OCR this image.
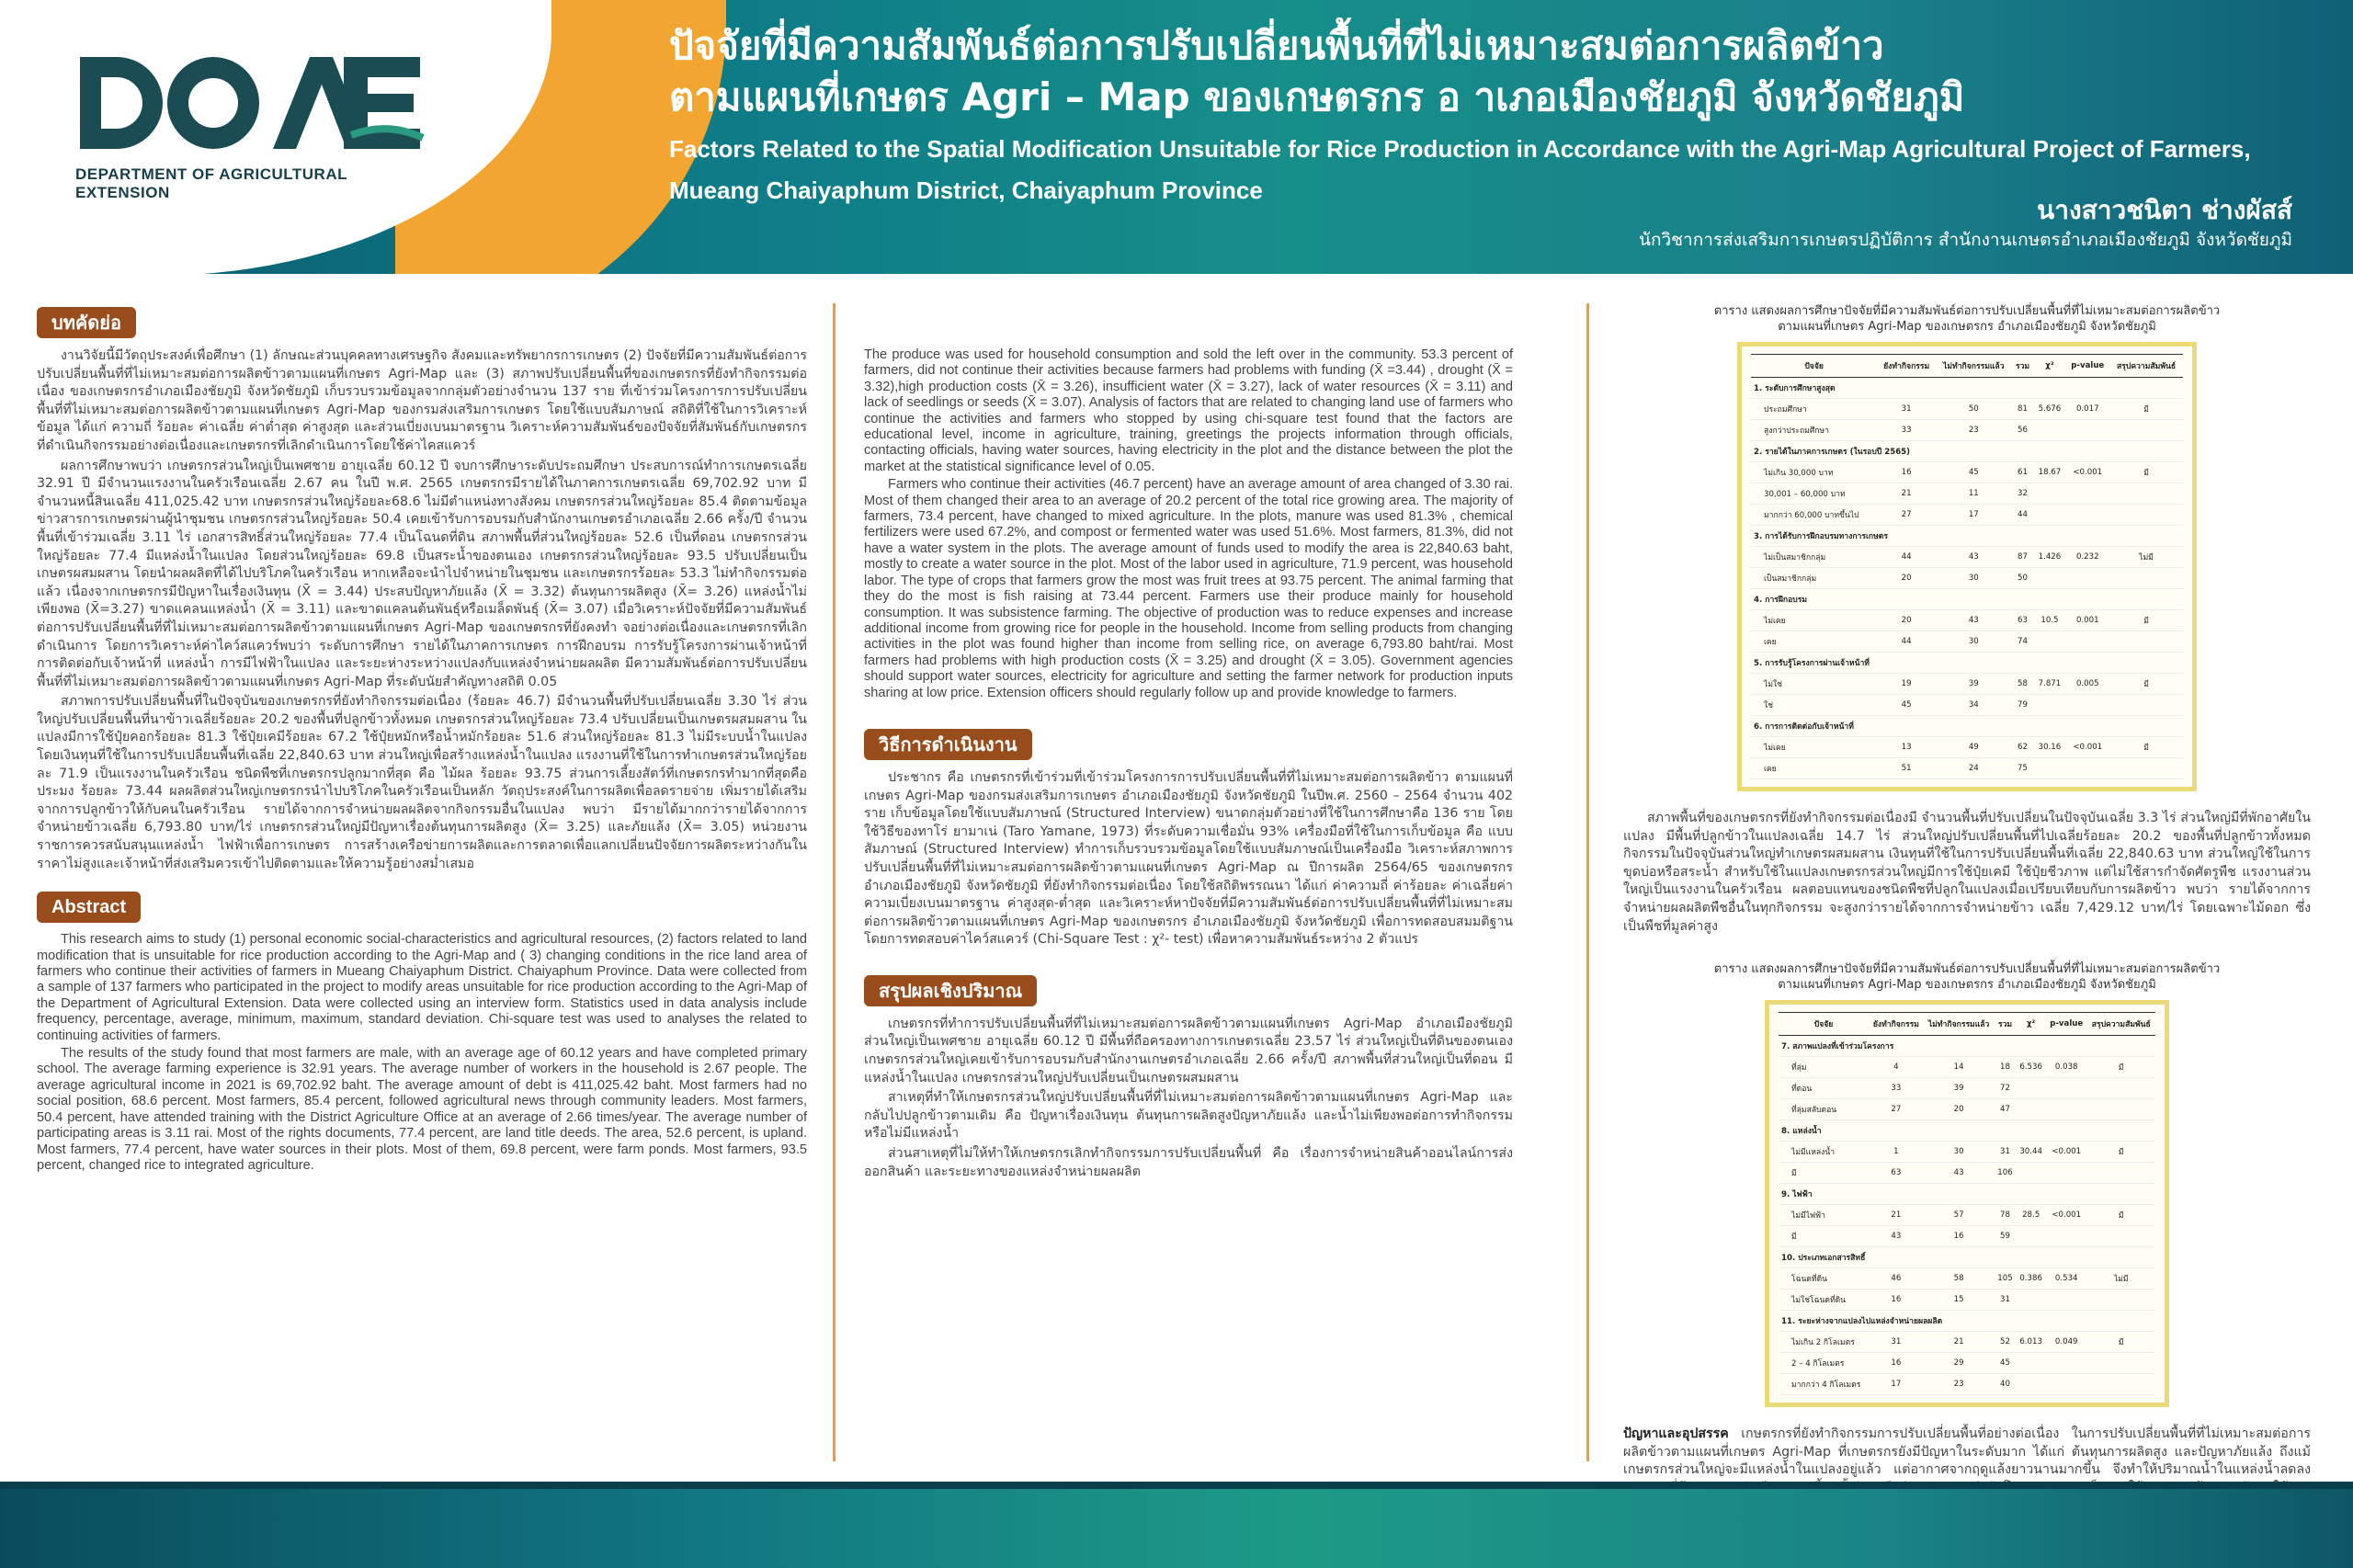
DEPARTMENT OF AGRICULTURAL EXTENSION
ปัจจัยที่มีความสัมพันธ์ต่อการปรับเปลี่ยนพื้นที่ที่ไม่เหมาะสมต่อการผลิตข้าว
ตามแผนที่เกษตร Agri – Map ของเกษตรกร อ าเภอเมืองชัยภูมิ จังหวัดชัยภูมิ
Factors Related to the Spatial Modification Unsuitable for Rice Production in Accordance with the Agri-Map Agricultural Project of Farmers,
Mueang Chaiyaphum District, Chaiyaphum Province
นางสาวชนิตา ช่างผัสส์
นักวิชาการส่งเสริมการเกษตรปฏิบัติการ สำนักงานเกษตรอำเภอเมืองชัยภูมิ จังหวัดชัยภูมิ
บทคัดย่อ

งานวิจัยนี้มีวัตถุประสงค์เพื่อศึกษา (1) ลักษณะส่วนบุคคลทางเศรษฐกิจ สังคมและทรัพยากรการเกษตร (2) ปัจจัยที่มีความสัมพันธ์ต่อการปรับเปลี่ยนพื้นที่ที่ไม่เหมาะสมต่อการผลิตข้าวตามแผนที่เกษตร Agri-Map และ (3) สภาพปรับเปลี่ยนพื้นที่ของเกษตรกรที่ยังทำกิจกรรมต่อเนื่อง ของเกษตรกรอำเภอเมืองชัยภูมิ จังหวัดชัยภูมิ เก็บรวบรวมข้อมูลจากกลุ่มตัวอย่างจำนวน 137 ราย ที่เข้าร่วมโครงการการปรับเปลี่ยนพื้นที่ที่ไม่เหมาะสมต่อการผลิตข้าวตามแผนที่เกษตร Agri-Map ของกรมส่งเสริมการเกษตร โดยใช้แบบสัมภาษณ์ สถิติที่ใช้ในการวิเคราะห์ข้อมูล ได้แก่ ความถี่ ร้อยละ ค่าเฉลี่ย ค่าต่ำสุด ค่าสูงสุด และส่วนเบี่ยงเบนมาตรฐาน วิเคราะห์ความสัมพันธ์ของปัจจัยที่สัมพันธ์กับเกษตรกรที่ดำเนินกิจกรรมอย่างต่อเนื่องและเกษตรกรที่เลิกดำเนินการโดยใช้ค่าไคสแควร์

ผลการศึกษาพบว่า เกษตรกรส่วนใหญ่เป็นเพศชาย อายุเฉลี่ย 60.12 ปี จบการศึกษาระดับประถมศึกษา ประสบการณ์ทำการเกษตรเฉลี่ย 32.91 ปี มีจำนวนแรงงานในครัวเรือนเฉลี่ย 2.67 คน ในปี พ.ศ. 2565 เกษตรกรมีรายได้ในภาคการเกษตรเฉลี่ย 69,702.92 บาท มีจำนวนหนี้สินเฉลี่ย 411,025.42 บาท เกษตรกรส่วนใหญ่ร้อยละ68.6 ไม่มีตำแหน่งทางสังคม เกษตรกรส่วนใหญ่ร้อยละ 85.4 ติดตามข้อมูลข่าวสารการเกษตรผ่านผู้นำชุมชน เกษตรกรส่วนใหญ่ร้อยละ 50.4 เคยเข้ารับการอบรมกับสำนักงานเกษตรอำเภอเฉลี่ย 2.66 ครั้ง/ปี จำนวนพื้นที่เข้าร่วมเฉลี่ย 3.11 ไร่ เอกสารสิทธิ์ส่วนใหญ่ร้อยละ 77.4 เป็นโฉนดที่ดิน สภาพพื้นที่ส่วนใหญ่ร้อยละ 52.6 เป็นที่ดอน เกษตรกรส่วนใหญ่ร้อยละ 77.4 มีแหล่งน้ำในแปลง โดยส่วนใหญ่ร้อยละ 69.8 เป็นสระน้ำของตนเอง เกษตรกรส่วนใหญ่ร้อยละ 93.5 ปรับเปลี่ยนเป็นเกษตรผสมผสาน โดยนำผลผลิตที่ได้ไปบริโภคในครัวเรือน หากเหลือจะนำไปจำหน่ายในชุมชน และเกษตรกรร้อยละ 53.3 ไม่ทำกิจกรรมต่อแล้ว เนื่องจากเกษตรกรมีปัญหาในเรื่องเงินทุน (X̄ = 3.44) ประสบปัญหาภัยแล้ง (X̄ = 3.32) ต้นทุนการผลิตสูง (X̄= 3.26) แหล่งน้ำไม่เพียงพอ (X̄=3.27) ขาดแคลนแหล่งน้ำ (X̄ = 3.11) และขาดแคลนต้นพันธุ์หรือเมล็ดพันธุ์ (X̄= 3.07) เมื่อวิเคราะห์ปัจจัยที่มีความสัมพันธ์ต่อการปรับเปลี่ยนพื้นที่ที่ไม่เหมาะสมต่อการผลิตข้าวตามแผนที่เกษตร Agri-Map ของเกษตรกรที่ยังคงทำ จอย่างต่อเนื่องและเกษตรกรที่เลิกดำเนินการ โดยการวิเคราะห์ค่าไคว์สแควร์พบว่า ระดับการศึกษา รายได้ในภาคการเกษตร การฝึกอบรม การรับรู้โครงการผ่านเจ้าหน้าที่ การติดต่อกับเจ้าหน้าที่ แหล่งน้ำ การมีไฟฟ้าในแปลง และระยะห่างระหว่างแปลงกับแหล่งจำหน่ายผลผลิต มีความสัมพันธ์ต่อการปรับเปลี่ยนพื้นที่ที่ไม่เหมาะสมต่อการผลิตข้าวตามแผนที่เกษตร Agri-Map ที่ระดับนัยสำคัญทางสถิติ 0.05

สภาพการปรับเปลี่ยนพื้นที่ในปัจจุบันของเกษตรกรที่ยังทำกิจกรรมต่อเนื่อง (ร้อยละ 46.7) มีจำนวนพื้นที่ปรับเปลี่ยนเฉลี่ย 3.30 ไร่ ส่วนใหญ่ปรับเปลี่ยนพื้นที่นาข้าวเฉลี่ยร้อยละ 20.2 ของพื้นที่ปลูกข้าวทั้งหมด เกษตรกรส่วนใหญ่ร้อยละ 73.4 ปรับเปลี่ยนเป็นเกษตรผสมผสาน ในแปลงมีการใช้ปุ๋ยคอกร้อยละ 81.3 ใช้ปุ๋ยเคมีร้อยละ 67.2 ใช้ปุ๋ยหมักหรือน้ำหมักร้อยละ 51.6 ส่วนใหญ่ร้อยละ 81.3 ไม่มีระบบน้ำในแปลง โดยเงินทุนที่ใช้ในการปรับเปลี่ยนพื้นที่เฉลี่ย 22,840.63 บาท ส่วนใหญ่เพื่อสร้างแหล่งน้ำในแปลง แรงงานที่ใช้ในการทำเกษตรส่วนใหญ่ร้อยละ 71.9 เป็นแรงงานในครัวเรือน ชนิดพืชที่เกษตรกรปลูกมากที่สุด คือ ไม้ผล ร้อยละ 93.75 ส่วนการเลี้ยงสัตว์ที่เกษตรกรทำมากที่สุดคือ ประมง ร้อยละ 73.44 ผลผลิตส่วนใหญ่เกษตรกรนำไปบริโภคในครัวเรือนเป็นหลัก วัตถุประสงค์ในการผลิตเพื่อลดรายจ่าย เพิ่มรายได้เสริมจากการปลูกข้าวให้กับคนในครัวเรือน รายได้จากการจำหน่ายผลผลิตจากกิจกรรมอื่นในแปลง พบว่า มีรายได้มากกว่ารายได้จากการจำหน่ายข้าวเฉลี่ย 6,793.80 บาท/ไร่ เกษตรกรส่วนใหญ่มีปัญหาเรื่องต้นทุนการผลิตสูง (X̄= 3.25) และภัยแล้ง (X̄= 3.05) หน่วยงานราชการควรสนับสนุนแหล่งน้ำ ไฟฟ้าเพื่อการเกษตร การสร้างเครือข่ายการผลิตและการตลาดเพื่อแลกเปลี่ยนปัจจัยการผลิตระหว่างกันในราคาไม่สูงและเจ้าหน้าที่ส่งเสริมควรเข้าไปติดตามและให้ความรู้อย่างสม่ำเสมอ

Abstract

This research aims to study (1) personal economic social-characteristics and agricultural resources, (2) factors related to land modification that is unsuitable for rice production according to the Agri-Map and ( 3) changing conditions in the rice land area of farmers who continue their activities of farmers in Mueang Chaiyaphum District. Chaiyaphum Province. Data were collected from a sample of 137 farmers who participated in the project to modify areas unsuitable for rice production according to the Agri-Map of the Department of Agricultural Extension. Data were collected using an interview form. Statistics used in data analysis include frequency, percentage, average, minimum, maximum, standard deviation. Chi-square test was used to analyses the related to continuing activities of farmers.

The results of the study found that most farmers are male, with an average age of 60.12 years and have completed primary school. The average farming experience is 32.91 years. The average number of workers in the household is 2.67 people. The average agricultural income in 2021 is 69,702.92 baht. The average amount of debt is 411,025.42 baht. Most farmers had no social position, 68.6 percent. Most farmers, 85.4 percent, followed agricultural news through community leaders. Most farmers, 50.4 percent, have attended training with the District Agriculture Office at an average of 2.66 times/year. The average number of participating areas is 3.11 rai. Most of the rights documents, 77.4 percent, are land title deeds. The area, 52.6 percent, is upland. Most farmers, 77.4 percent, have water sources in their plots. Most of them, 69.8 percent, were farm ponds. Most farmers, 93.5 percent, changed rice to integrated agriculture.

The produce was used for household consumption and sold the left over in the community. 53.3 percent of farmers, did not continue their activities because farmers had problems with funding (X̄ =3.44) , drought (X̄ = 3.32),high production costs (X̄ = 3.26), insufficient water (X̄ = 3.27), lack of water resources (X̄ = 3.11) and lack of seedlings or seeds (X̄ = 3.07). Analysis of factors that are related to changing land use of farmers who continue the activities and farmers who stopped by using chi-square test found that the factors are educational level, income in agriculture, training, greetings the projects information through officials, contacting officials, having water sources, having electricity in the plot and the distance between the plot the market at the statistical significance level of 0.05.

Farmers who continue their activities (46.7 percent) have an average amount of area changed of 3.30 rai. Most of them changed their area to an average of 20.2 percent of the total rice growing area. The majority of farmers, 73.4 percent, have changed to mixed agriculture. In the plots, manure was used 81.3% , chemical fertilizers were used 67.2%, and compost or fermented water was used 51.6%. Most farmers, 81.3%, did not have a water system in the plots. The average amount of funds used to modify the area is 22,840.63 baht, mostly to create a water source in the plot. Most of the labor used in agriculture, 71.9 percent, was household labor. The type of crops that farmers grow the most was fruit trees at 93.75 percent. The animal farming that they do the most is fish raising at 73.44 percent. Farmers use their produce mainly for household consumption. It was subsistence farming. The objective of production was to reduce expenses and increase additional income from growing rice for people in the household. Income from selling products from changing activities in the plot was found higher than income from selling rice, on average 6,793.80 baht/rai. Most farmers had problems with high production costs (X̄ = 3.25) and drought (X̄ = 3.05). Government agencies should support water sources, electricity for agriculture and setting the farmer network for production inputs sharing at low price. Extension officers should regularly follow up and provide knowledge to farmers.

วิธีการดำเนินงาน

ประชากร คือ เกษตรกรที่เข้าร่วมที่เข้าร่วมโครงการการปรับเปลี่ยนพื้นที่ที่ไม่เหมาะสมต่อการผลิตข้าว ตามแผนที่เกษตร Agri-Map ของกรมส่งเสริมการเกษตร อำเภอเมืองชัยภูมิ จังหวัดชัยภูมิ ในปีพ.ศ. 2560 – 2564 จำนวน 402 ราย เก็บข้อมูลโดยใช้แบบสัมภาษณ์ (Structured Interview) ขนาดกลุ่มตัวอย่างที่ใช้ในการศึกษาคือ 136 ราย โดยใช้วิธีของทาโร่ ยามาเน่ (Taro Yamane, 1973) ที่ระดับความเชื่อมั่น 93% เครื่องมือที่ใช้ในการเก็บข้อมูล คือ แบบสัมภาษณ์ (Structured Interview) ทำการเก็บรวบรวมข้อมูลโดยใช้แบบสัมภาษณ์เป็นเครื่องมือ วิเคราะห์สภาพการปรับเปลี่ยนพื้นที่ที่ไม่เหมาะสมต่อการผลิตข้าวตามแผนที่เกษตร Agri-Map ณ ปีการผลิต 2564/65 ของเกษตรกร อำเภอเมืองชัยภูมิ จังหวัดชัยภูมิ ที่ยังทำกิจกรรมต่อเนื่อง โดยใช้สถิติพรรณนา ได้แก่ ค่าความถี่ ค่าร้อยละ ค่าเฉลี่ยค่าความเบี่ยงเบนมาตรฐาน ค่าสูงสุด-ต่ำสุด และวิเคราะห์หาปัจจัยที่มีความสัมพันธ์ต่อการปรับเปลี่ยนพื้นที่ที่ไม่เหมาะสมต่อการผลิตข้าวตามแผนที่เกษตร Agri-Map ของเกษตรกร อำเภอเมืองชัยภูมิ จังหวัดชัยภูมิ เพื่อการทดสอบสมมติฐาน โดยการทดสอบค่าไคว์สแควร์ (Chi-Square Test : χ²- test) เพื่อหาความสัมพันธ์ระหว่าง 2 ตัวแปร

สรุปผลเชิงปริมาณ

เกษตรกรที่ทำการปรับเปลี่ยนพื้นที่ที่ไม่เหมาะสมต่อการผลิตข้าวตามแผนที่เกษตร Agri-Map อำเภอเมืองชัยภูมิ ส่วนใหญ่เป็นเพศชาย อายุเฉลี่ย 60.12 ปี มีพื้นที่ถือครองทางการเกษตรเฉลี่ย 23.57 ไร่ ส่วนใหญ่เป็นที่ดินของตนเอง เกษตรกรส่วนใหญ่เคยเข้ารับการอบรมกับสำนักงานเกษตรอำเภอเฉลี่ย 2.66 ครั้ง/ปี สภาพพื้นที่ส่วนใหญ่เป็นที่ดอน มีแหล่งน้ำในแปลง เกษตรกรส่วนใหญ่ปรับเปลี่ยนเป็นเกษตรผสมผสาน

สาเหตุที่ทำให้เกษตรกรส่วนใหญ่ปรับเปลี่ยนพื้นที่ที่ไม่เหมาะสมต่อการผลิตข้าวตามแผนที่เกษตร Agri-Map และกลับไปปลูกข้าวตามเดิม คือ ปัญหาเรื่องเงินทุน ต้นทุนการผลิตสูงปัญหาภัยแล้ง และน้ำไม่เพียงพอต่อการทำกิจกรรมหรือไม่มีแหล่งน้ำ

ส่วนสาเหตุที่ไม่ให้ทำให้เกษตรกรเลิกทำกิจกรรมการปรับเปลี่ยนพื้นที่ คือ เรื่องการจำหน่ายสินค้าออนไลน์การส่งออกสินค้า และระยะทางของแหล่งจำหน่ายผลผลิต

ตาราง แสดงผลการศึกษาปัจจัยที่มีความสัมพันธ์ต่อการปรับเปลี่ยนพื้นที่ที่ไม่เหมาะสมต่อการผลิตข้าว
ตามแผนที่เกษตร Agri-Map ของเกษตรกร อำเภอเมืองชัยภูมิ จังหวัดชัยภูมิ
ปัจจัย	ยังทำกิจกรรม	ไม่ทำกิจกรรมแล้ว	รวม	χ²	p-value	สรุปความสัมพันธ์
1. ระดับการศึกษาสูงสุด						
ประถมศึกษา	31	50	81	5.676	0.017	มี
สูงกว่าประถมศึกษา	33	23	56			
2. รายได้ในภาคการเกษตร (ในรอบปี 2565)						
ไม่เกิน 30,000 บาท	16	45	61	18.67	<0.001	มี
30,001 – 60,000 บาท	21	11	32			
มากกว่า 60,000 บาทขึ้นไป	27	17	44			
3. การได้รับการฝึกอบรมทางการเกษตร						
ไม่เป็นสมาชิกกลุ่ม	44	43	87	1.426	0.232	ไม่มี
เป็นสมาชิกกลุ่ม	20	30	50			
4. การฝึกอบรม						
ไม่เคย	20	43	63	10.5	0.001	มี
เคย	44	30	74			
5. การรับรู้โครงการผ่านเจ้าหน้าที่						
ไม่ใช่	19	39	58	7.871	0.005	มี
ใช่	45	34	79			
6. การการติดต่อกับเจ้าหน้าที่						
ไม่เคย	13	49	62	30.16	<0.001	มี
เคย	51	24	75			

สภาพพื้นที่ของเกษตรกรที่ยังทำกิจกรรมต่อเนื่องมี จำนวนพื้นที่ปรับเปลี่ยนในปัจจุบันเฉลี่ย 3.3 ไร่ ส่วนใหญ่มีที่พักอาศัยในแปลง มีพื้นที่ปลูกข้าวในแปลงเฉลี่ย 14.7 ไร่ ส่วนใหญ่ปรับเปลี่ยนพื้นที่ไปเฉลี่ยร้อยละ 20.2 ของพื้นที่ปลูกข้าวทั้งหมด กิจกรรมในปัจจุบันส่วนใหญ่ทำเกษตรผสมผสาน เงินทุนที่ใช้ในการปรับเปลี่ยนพื้นที่เฉลี่ย 22,840.63 บาท ส่วนใหญ่ใช้ในการขุดบ่อหรือสระน้ำ สำหรับใช้ในแปลงเกษตรกรส่วนใหญ่มีการใช้ปุ๋ยเคมี ใช้ปุ๋ยชีวภาพ แต่ไม่ใช้สารกำจัดศัตรูพืช แรงงานส่วนใหญ่เป็นแรงงานในครัวเรือน ผลตอบแทนของชนิดพืชที่ปลูกในแปลงเมื่อเปรียบเทียบกับการผลิตข้าว พบว่า รายได้จากการจำหน่ายผลผลิตพืชอื่นในทุกกิจกรรม จะสูงกว่ารายได้จากการจำหน่ายข้าว เฉลี่ย 7,429.12 บาท/ไร่ โดยเฉพาะไม้ดอก ซึ่งเป็นพืชที่มูลค่าสูง

ตาราง แสดงผลการศึกษาปัจจัยที่มีความสัมพันธ์ต่อการปรับเปลี่ยนพื้นที่ที่ไม่เหมาะสมต่อการผลิตข้าว
ตามแผนที่เกษตร Agri-Map ของเกษตรกร อำเภอเมืองชัยภูมิ จังหวัดชัยภูมิ
ปัจจัย	ยังทำกิจกรรม	ไม่ทำกิจกรรมแล้ว	รวม	χ²	p-value	สรุปความสัมพันธ์
7. สภาพแปลงที่เข้าร่วมโครงการ						
ที่ลุ่ม	4	14	18	6.536	0.038	มี
ที่ดอน	33	39	72			
ที่ลุ่มสลับดอน	27	20	47			
8. แหล่งน้ำ						
ไม่มีแหล่งน้ำ	1	30	31	30.44	<0.001	มี
มี	63	43	106			
9. ไฟฟ้า						
ไม่มีไฟฟ้า	21	57	78	28.5	<0.001	มี
มี	43	16	59			
10. ประเภทเอกสารสิทธิ์						
โฉนดที่ดิน	46	58	105	0.386	0.534	ไม่มี
ไม่ใช่โฉนดที่ดิน	16	15	31			
11. ระยะห่างจากแปลงไปแหล่งจำหน่ายผลผลิต						
ไม่เกิน 2 กิโลเมตร	31	21	52	6.013	0.049	มี
2 – 4 กิโลเมตร	16	29	45			
มากกว่า 4 กิโลเมตร	17	23	40			

ปัญหาและอุปสรรค เกษตรกรที่ยังทำกิจกรรมการปรับเปลี่ยนพื้นที่อย่างต่อเนื่อง ในการปรับเปลี่ยนพื้นที่ที่ไม่เหมาะสมต่อการผลิตข้าวตามแผนที่เกษตร Agri-Map ที่เกษตรกรยังมีปัญหาในระดับมาก ได้แก่ ต้นทุนการผลิตสูง และปัญหาภัยแล้ง ถึงแม้เกษตรกรส่วนใหญ่จะมีแหล่งน้ำในแปลงอยู่แล้ว แต่อากาศจากฤดูแล้งยาวนานมากขึ้น จึงทำให้ปริมาณน้ำในแหล่งน้ำลดลง
